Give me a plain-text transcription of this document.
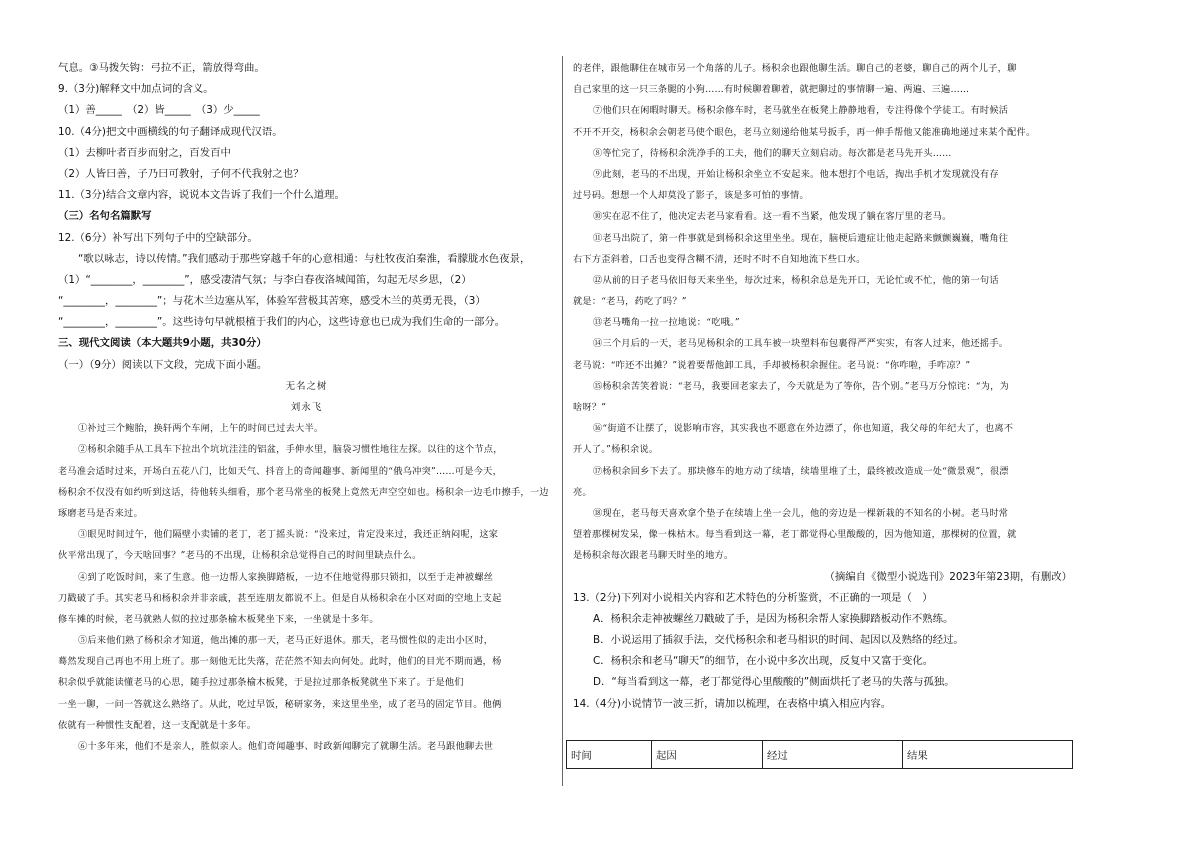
气息。③马拨矢钩：弓拉不正，箭放得弯曲。
9.（3分)解释文中加点词的含义。
（1）善_____　（2）皆_____　（3）少_____
10.（4分)把文中画横线的句子翻译成现代汉语。
（1）去柳叶者百步而射之，百发百中
（2）人皆曰善，子乃曰可教射，子何不代我射之也？
11.（3分)结合文章内容，说说本文告诉了我们一个什么道理。
（三）名句名篇默写
12.（6分）补写出下列句子中的空缺部分。
“歌以咏志，诗以传情。”我们感动于那些穿越千年的心意相通：与杜牧夜泊秦淮，看朦胧水色夜景，
（1）“________，________”，感受凄清气氛；与李白春夜洛城闻笛，勾起无尽乡思，（2）
“________，________”；与花木兰边塞从军，体验军营极其苦寒，感受木兰的英勇无畏，（3）
“________，________”。这些诗句早就根植于我们的内心，这些诗意也已成为我们生命的一部分。
三、现代文阅读（本大题共9小题，共30分）
（一）（9分）阅读以下文段，完成下面小题。
无名之树
刘永飞
①补过三个鲍胎，换轩两个车闸，上午的时间已过去大半。
②杨积余随手从工具车下拉出个坑坑洼洼的铝盆，手伸水里，脑袋习惯性地往左探。以往的这个节点，
老马准会适时过来，开场白五花八门，比如天气、抖音上的奇闻趣事、新闻里的“俄乌冲突”……可是今天，
杨积余不仅没有如约听到这话，待他转头细看，那个老马常坐的板凳上竟然无声空空如也。杨积余一边毛巾擦手，一边
琢磨老马是否来过。
③眼见时间过午，他们隔壁小卖铺的老丁，老丁摇头说：“没来过，肯定没来过，我还正纳闷呢，这家
伙平常出现了，今天啥回事？”老马的不出现，让杨积余总觉得自己的时间里缺点什么。
④到了吃饭时间，来了生意。他一边帮人家换脚踏板，一边不住地觉得那只锁扣，以至于走神被螺丝
刀戳破了手。其实老马和杨积余并非亲戚，甚至连朋友都说不上。但是自从杨积余在小区对面的空地上支起
修车摊的时候，老马就熟人似的拉过那条榆木板凳坐下来，一坐就是十多年。
⑤后来他们熟了杨积余才知道，他出摊的那一天，老马正好退休。那天，老马惯性似的走出小区时，
蓦然发现自己再也不用上班了。那一刻他无比失落，茫茫然不知去向何处。此时，他们的目光不期而遇，杨
积余似乎就能读懂老马的心思，随手拉过那条榆木板凳，于是拉过那条板凳就坐下来了。于是他们
一坐一聊，一问一答就这么熟络了。从此，吃过早饭，秘研家务，来这里坐坐，成了老马的固定节目。他俩
依就有一种惯性支配着，这一支配就是十多年。
⑥十多年来，他们不是亲人，胜似亲人。他们奇闻趣事、时政新闻聊完了就聊生活。老马跟他聊去世
的老伴，跟他聊住在城市另一个角落的儿子。杨积余也跟他聊生活。聊自己的老婆，聊自己的两个儿子，聊
自己家里的这一只三条腿的小狗……有时候聊着聊着，就把聊过的事情聊一遍、两遍、三遍……
⑦他们只在闲暇时聊天。杨积余修车时，老马就坐在板凳上静静地看，专注得像个学徒工。有时候活
不开不开交，杨积余会朝老马使个眼色，老马立刻递给他某号扳手，再一伸手帮他又能准确地递过来某个配件。
⑧等忙完了，待杨积余洗净手的工夫，他们的聊天立刻启动。每次都是老马先开头……
⑨此刻，老马的不出现，开始让杨积余坐立不安起来。他本想打个电话，掏出手机才发现就没有存
过号码。想想一个人却莫没了影子，该是多可怕的事情。
⑩实在忍不住了，他决定去老马家看看。这一看不当紧，他发现了躺在客厅里的老马。
⑪老马出院了，第一件事就是到杨积余这里坐坐。现在，脑梗后遗症让他走起路来颤颤巍巍，嘴角往
右下方歪斜着，口舌也变得含糊不清，还时不时不自知地流下些口水。
⑫从前的日子老马依旧每天来坐坐，每次过来，杨积余总是先开口，无论忙或不忙，他的第一句话
就是：“老马，药吃了吗？”
⑬老马嘴角一拉一拉地说：“吃哦。”
⑭三个月后的一天，老马见杨积余的工具车被一块塑料布包裹得严严实实，有客人过来，他还摇手。
老马说：“咋还不出摊？”说着要帮他卸工具，手却被杨积余握住。老马说：“你咋啦，手咋凉？”
⑮杨积余苦笑着说：“老马，我要回老家去了，今天就是为了等你，告个别。”老马万分惊诧：“为，为
啥呀？”
⑯“街道不让摆了，说影响市容，其实我也不愿意在外边漂了，你也知道，我父母的年纪大了，也离不
开人了。”杨积余说。
⑰杨积余回乡下去了。那块修车的地方动了续墙，续墙里堆了土，最终被改造成一处“微景观”，很漂
亮。
⑱现在，老马每天喜欢拿个垫子在续墙上坐一会儿，他的旁边是一棵新栽的不知名的小树。老马时常
望着那棵树发呆，像一株枯木。每当看到这一幕，老丁都觉得心里酸酸的，因为他知道，那棵树的位置，就
是杨积余每次跟老马聊天时坐的地方。
（摘编自《微型小说选刊》2023年第23期，有删改）
13.（2分)下列对小说相关内容和艺术特色的分析鉴赏，不正确的一项是（　）
A．杨积余走神被螺丝刀戳破了手，是因为杨积余帮人家换脚踏板动作不熟练。
B．小说运用了插叙手法，交代杨积余和老马相识的时间、起因以及熟络的经过。
C．杨积余和老马“聊天”的细节，在小说中多次出现，反复中又富于变化。
D．“每当看到这一幕，老丁都觉得心里酸酸的”侧面烘托了老马的失落与孤独。
14.（4分)小说情节一波三折，请加以梳理，在表格中填入相应内容。
时间	起因	经过	结果
